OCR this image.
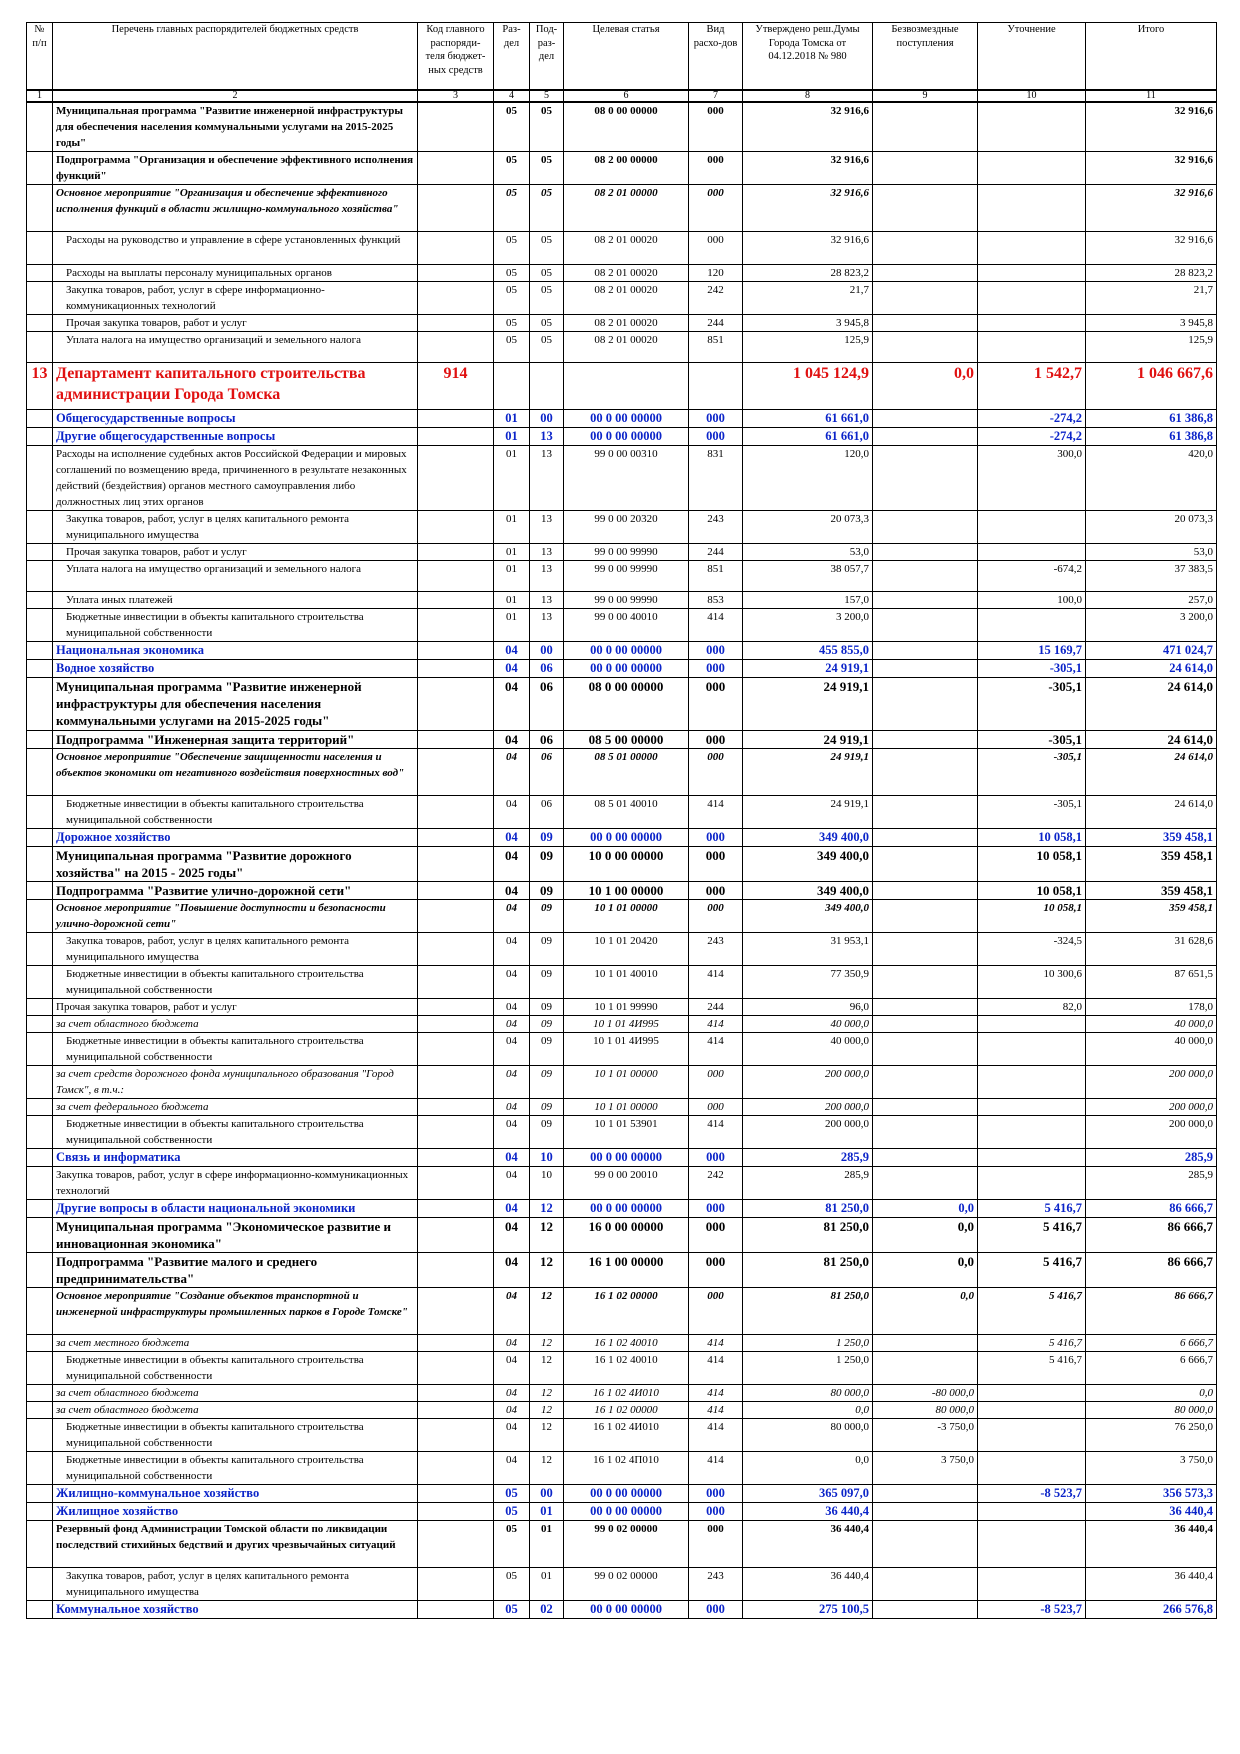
№ п/п	Перечень главных распорядителей бюджетных средств	Код главного распоряди-теля бюджет-ных средств	Раз-дел	Под-раз-дел	Целевая статья	Вид расхо-дов	Утверждено реш.Думы Города Томска от 04.12.2018 № 980	Безвозмездные поступления	Уточнение	Итого
1	2	3	4	5	6	7	8	9	10	11
	Муниципальная программа "Развитие инженерной инфраструктуры для обеспечения населения коммунальными услугами на 2015-2025 годы"		05	05	08 0 00 00000	000	32 916,6			32 916,6
	Подпрограмма "Организация и обеспечение эффективного исполнения функций"		05	05	08 2 00 00000	000	32 916,6			32 916,6
	Основное мероприятие "Организация и обеспечение эффективного исполнения функций в области жилищно-коммунального хозяйства"		05	05	08 2 01 00000	000	32 916,6			32 916,6

	Расходы на руководство и управление в сфере установленных функций		05	05	08 2 01 00020	000	32 916,6			32 916,6

	Расходы на выплаты персоналу муниципальных органов		05	05	08 2 01 00020	120	28 823,2			28 823,2

	Закупка товаров, работ, услуг в сфере информационно-коммуникационных технологий		05	05	08 2 01 00020	242	21,7			21,7

	Прочая закупка товаров, работ и услуг		05	05	08 2 01 00020	244	3 945,8			3 945,8

	Уплата налога на имущество организаций и земельного налога		05	05	08 2 01 00020	851	125,9			125,9
13	Департамент капитального строительства администрации Города Томска	914					1 045 124,9	0,0	1 542,7	1 046 667,6
	Общегосударственные вопросы		01	00	00 0 00 00000	000	61 661,0		-274,2	61 386,8
	Другие общегосударственные вопросы		01	13	00 0 00 00000	000	61 661,0		-274,2	61 386,8
	Расходы на исполнение судебных актов Российской Федерации и мировых соглашений по возмещению вреда, причиненного в результате незаконных действий (бездействия) органов местного самоуправления либо должностных лиц этих органов		01	13	99 0 00 00310	831	120,0		300,0	420,0

	Закупка товаров, работ, услуг в целях капитального ремонта муниципального имущества		01	13	99 0 00 20320	243	20 073,3			20 073,3

	Прочая закупка товаров, работ и услуг		01	13	99 0 00 99990	244	53,0			53,0

	Уплата налога на имущество организаций и земельного налога		01	13	99 0 00 99990	851	38 057,7		-674,2	37 383,5

	Уплата иных платежей		01	13	99 0 00 99990	853	157,0		100,0	257,0

	Бюджетные инвестиции в объекты капитального строительства муниципальной собственности		01	13	99 0 00 40010	414	3 200,0			3 200,0
	Национальная экономика		04	00	00 0 00 00000	000	455 855,0		15 169,7	471 024,7
	Водное хозяйство		04	06	00 0 00 00000	000	24 919,1		-305,1	24 614,0
	Муниципальная программа "Развитие инженерной инфраструктуры для обеспечения населения коммунальными услугами на 2015-2025 годы"		04	06	08 0 00 00000	000	24 919,1		-305,1	24 614,0
	Подпрограмма "Инженерная защита территорий"		04	06	08 5 00 00000	000	24 919,1		-305,1	24 614,0
	Основное мероприятие "Обеспечение защищенности населения и объектов экономики от негативного воздействия поверхностных вод"		04	06	08 5 01 00000	000	24 919,1		-305,1	24 614,0

	Бюджетные инвестиции в объекты капитального строительства муниципальной собственности		04	06	08 5 01 40010	414	24 919,1		-305,1	24 614,0
	Дорожное хозяйство		04	09	00 0 00 00000	000	349 400,0		10 058,1	359 458,1
	Муниципальная программа "Развитие дорожного хозяйства" на 2015 - 2025 годы"		04	09	10 0 00 00000	000	349 400,0		10 058,1	359 458,1
	Подпрограмма "Развитие улично-дорожной сети"		04	09	10 1 00 00000	000	349 400,0		10 058,1	359 458,1
	Основное мероприятие "Повышение доступности и безопасности улично-дорожной сети"		04	09	10 1 01 00000	000	349 400,0		10 058,1	359 458,1

	Закупка товаров, работ, услуг в целях капитального ремонта муниципального имущества		04	09	10 1 01 20420	243	31 953,1		-324,5	31 628,6

	Бюджетные инвестиции в объекты капитального строительства муниципальной собственности		04	09	10 1 01 40010	414	77 350,9		10 300,6	87 651,5
	Прочая закупка товаров, работ и услуг		04	09	10 1 01 99990	244	96,0		82,0	178,0
	за счет областного бюджета		04	09	10 1 01 4И995	414	40 000,0			40 000,0

	Бюджетные инвестиции в объекты капитального строительства муниципальной собственности		04	09	10 1 01 4И995	414	40 000,0			40 000,0
	за счет средств дорожного фонда муниципального образования "Город Томск", в т.ч.:		04	09	10 1 01 00000	000	200 000,0			200 000,0
	за счет федерального бюджета		04	09	10 1 01 00000	000	200 000,0			200 000,0

	Бюджетные инвестиции в объекты капитального строительства муниципальной собственности		04	09	10 1 01 53901	414	200 000,0			200 000,0
	Связь и информатика		04	10	00 0 00 00000	000	285,9			285,9
	Закупка товаров, работ, услуг в сфере информационно-коммуникационных технологий		04	10	99 0 00 20010	242	285,9			285,9
	Другие вопросы в области национальной экономики		04	12	00 0 00 00000	000	81 250,0	0,0	5 416,7	86 666,7
	Муниципальная программа "Экономическое развитие и инновационная экономика"		04	12	16 0 00 00000	000	81 250,0	0,0	5 416,7	86 666,7
	Подпрограмма "Развитие малого и среднего предпринимательства"		04	12	16 1 00 00000	000	81 250,0	0,0	5 416,7	86 666,7
	Основное мероприятие "Создание объектов транспортной и инженерной инфраструктуры промышленных парков в Городе Томске"		04	12	16 1 02 00000	000	81 250,0	0,0	5 416,7	86 666,7
	за счет местного бюджета		04	12	16 1 02 40010	414	1 250,0		5 416,7	6 666,7

	Бюджетные инвестиции в объекты капитального строительства муниципальной собственности		04	12	16 1 02 40010	414	1 250,0		5 416,7	6 666,7
	за счет областного бюджета		04	12	16 1 02 4И010	414	80 000,0	-80 000,0		0,0
	за счет областного бюджета		04	12	16 1 02 00000	414	0,0	80 000,0		80 000,0

	Бюджетные инвестиции в объекты капитального строительства муниципальной собственности		04	12	16 1 02 4И010	414	80 000,0	-3 750,0		76 250,0

	Бюджетные инвестиции в объекты капитального строительства муниципальной собственности		04	12	16 1 02 4П010	414	0,0	3 750,0		3 750,0
	Жилищно-коммунальное хозяйство		05	00	00 0 00 00000	000	365 097,0		-8 523,7	356 573,3
	Жилищное хозяйство		05	01	00 0 00 00000	000	36 440,4			36 440,4
	Резервный фонд Администрации Томской области по ликвидации последствий стихийных бедствий и других чрезвычайных ситуаций		05	01	99 0 02 00000	000	36 440,4			36 440,4

	Закупка товаров, работ, услуг в целях капитального ремонта муниципального имущества		05	01	99 0 02 00000	243	36 440,4			36 440,4
	Коммунальное хозяйство		05	02	00 0 00 00000	000	275 100,5		-8 523,7	266 576,8
